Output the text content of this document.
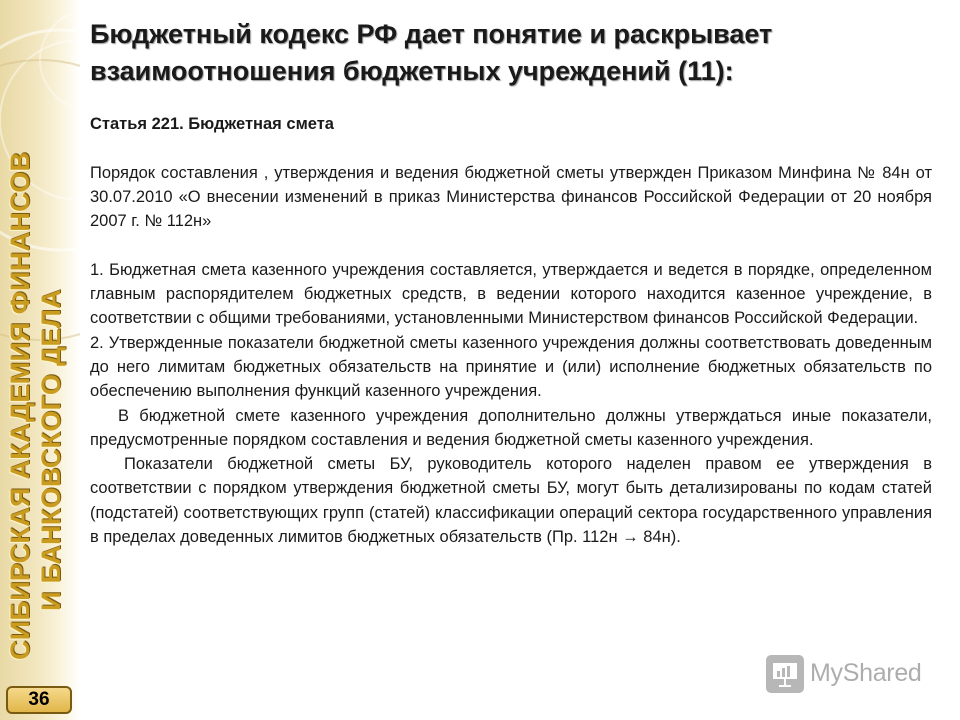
СИБИРСКАЯ АКАДЕМИЯ ФИНАНСОВ И БАНКОВСКОГО ДЕЛА
36
Бюджетный кодекс РФ дает понятие и раскрывает
взаимоотношения бюджетных учреждений (11):

Статья 221. Бюджетная смета

Порядок составления , утверждения и ведения бюджетной сметы утвержден Приказом Минфина № 84н от 30.07.2010 «О внесении изменений в приказ Министерства финансов Российской Федерации от 20 ноября 2007 г. № 112н»

1. Бюджетная смета казенного учреждения составляется, утверждается и ведется в порядке, определенном главным распорядителем бюджетных средств, в ведении которого находится казенное учреждение, в соответствии с общими требованиями, установленными Министерством финансов Российской Федерации.

2. Утвержденные показатели бюджетной сметы казенного учреждения должны соответствовать доведенным до него лимитам бюджетных обязательств на принятие и (или) исполнение бюджетных обязательств по обеспечению выполнения функций казенного учреждения.

В бюджетной смете казенного учреждения дополнительно должны утверждаться иные показатели, предусмотренные порядком составления и ведения бюджетной сметы казенного учреждения.

Показатели бюджетной сметы БУ, руководитель которого наделен правом ее утверждения в соответствии с порядком утверждения бюджетной сметы БУ, могут быть детализированы по кодам статей (подстатей) соответствующих групп (статей) классификации операций сектора государственного управления в пределах доведенных лимитов бюджетных обязательств (Пр. 112н → 84н).

MyShared
